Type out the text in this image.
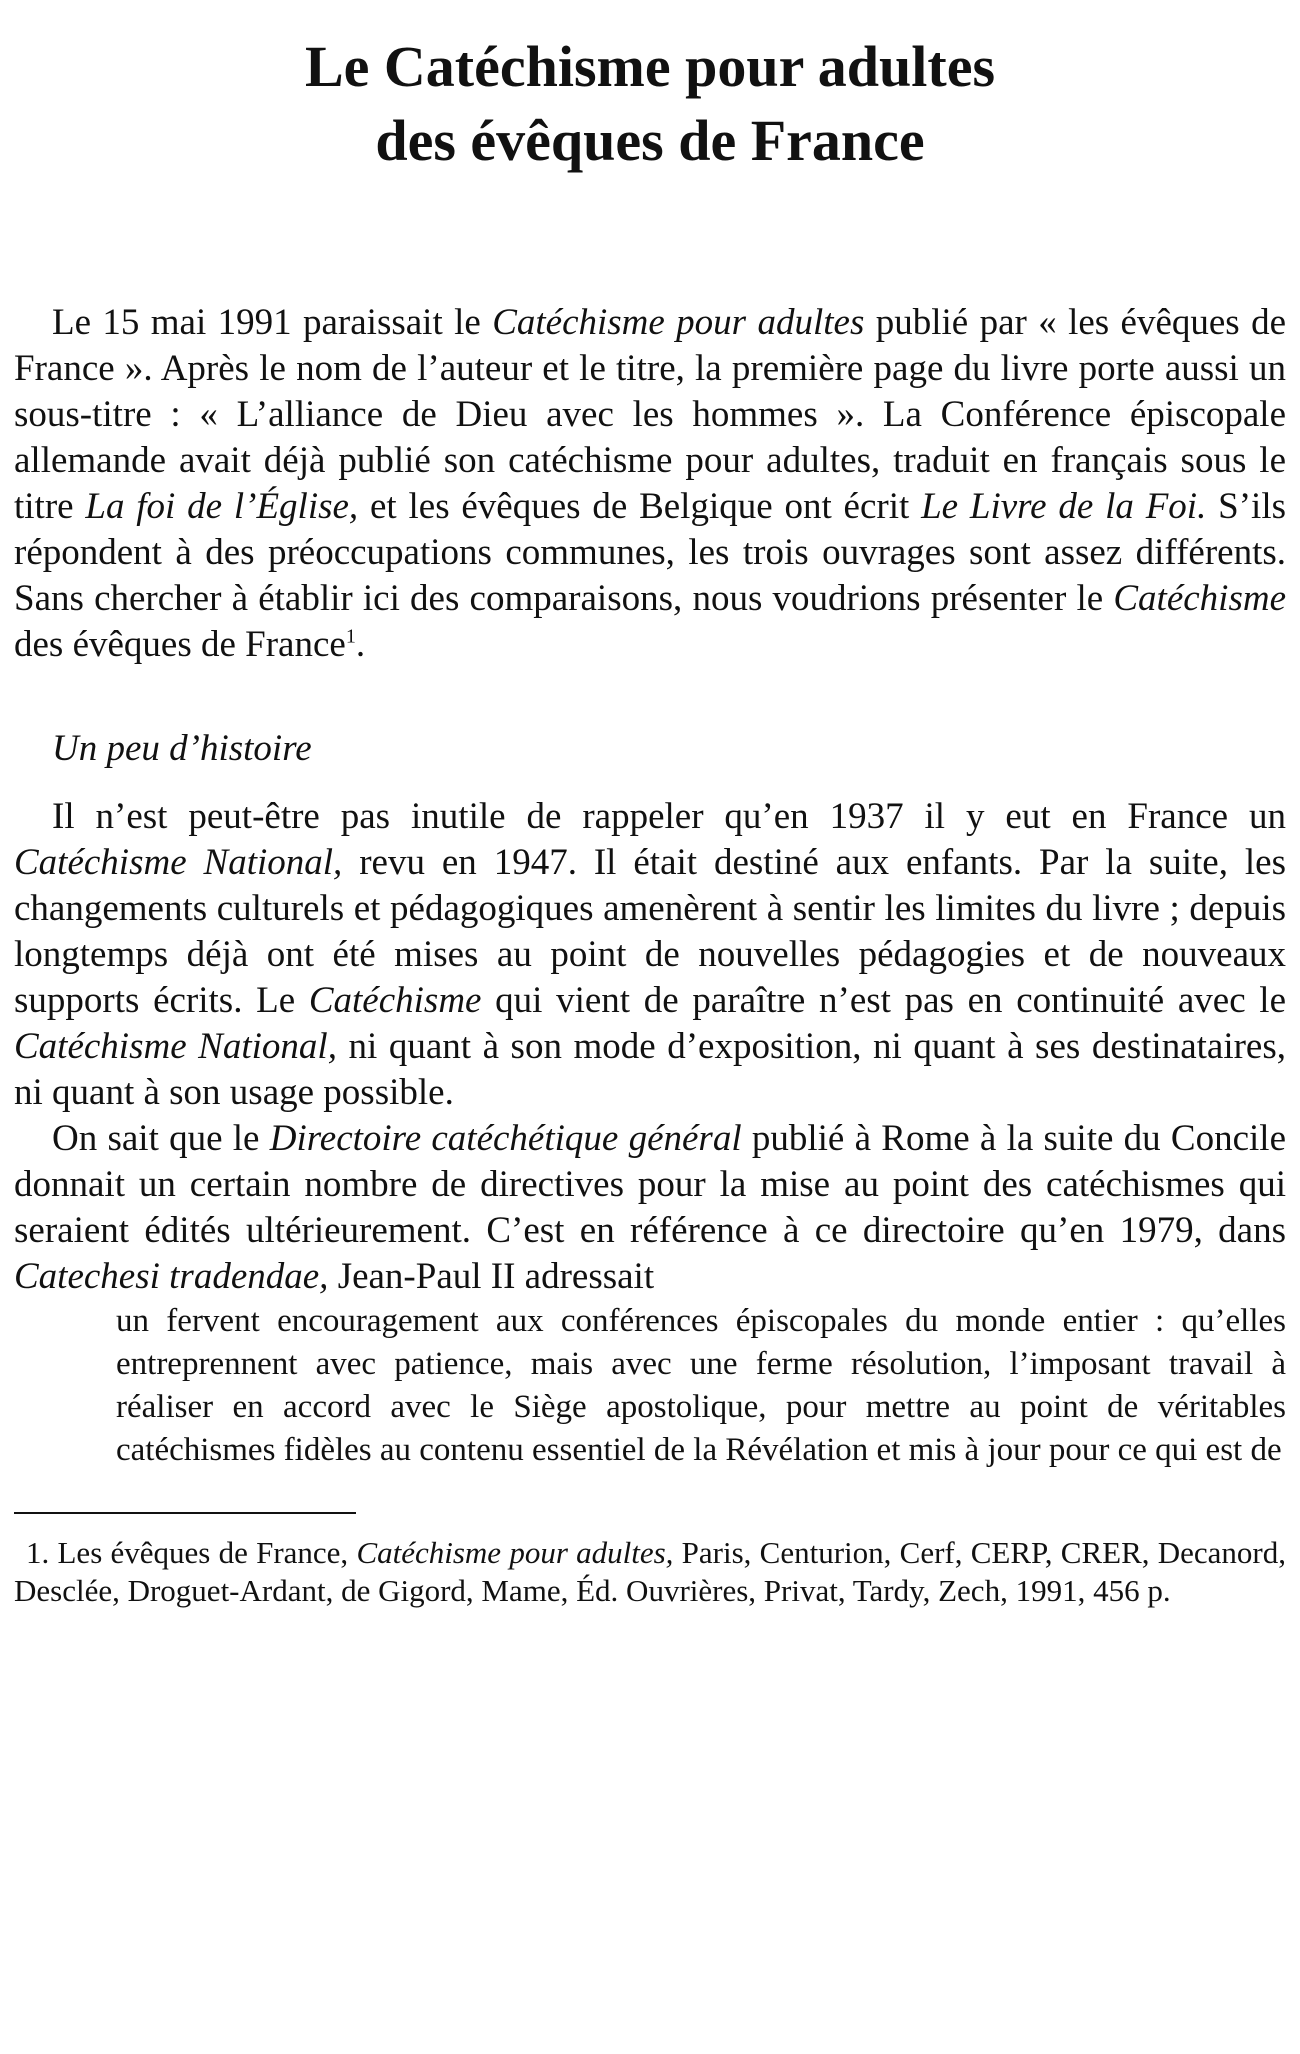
Le Catéchisme pour adultes
des évêques de France

Le 15 mai 1991 paraissait le Catéchisme pour adultes publié par « les évêques de France ». Après le nom de l’auteur et le titre, la première page du livre porte aussi un sous-titre : « L’alliance de Dieu avec les hommes ». La Conférence épiscopale allemande avait déjà publié son catéchisme pour adultes, traduit en français sous le titre La foi de l’Église, et les évêques de Belgique ont écrit Le Livre de la Foi. S’ils répondent à des préoccupations communes, les trois ouvrages sont assez différents. Sans chercher à établir ici des comparaisons, nous voudrions présenter le Catéchisme des évêques de France$^1$.

Un peu d’histoire

Il n’est peut-être pas inutile de rappeler qu’en 1937 il y eut en France un Catéchisme National, revu en 1947. Il était destiné aux enfants. Par la suite, les changements culturels et pédagogiques amenèrent à sentir les limites du livre ; depuis longtemps déjà ont été mises au point de nouvelles pédagogies et de nouveaux supports écrits. Le Catéchisme qui vient de paraître n’est pas en continuité avec le Catéchisme National, ni quant à son mode d’exposition, ni quant à ses destinataires, ni quant à son usage possible.

On sait que le Directoire catéchétique général publié à Rome à la suite du Concile donnait un certain nombre de directives pour la mise au point des catéchismes qui seraient édités ultérieurement. C’est en référence à ce directoire qu’en 1979, dans Catechesi tradendae, Jean-Paul II adressait

un fervent encouragement aux conférences épiscopales du monde entier : qu’elles entreprennent avec patience, mais avec une ferme résolution, l’imposant travail à réaliser en accord avec le Siège apostolique, pour mettre au point de véritables catéchismes fidèles au contenu essentiel de la Révélation et mis à jour pour ce qui est de

1. Les évêques de France, Catéchisme pour adultes, Paris, Centurion, Cerf, CERP, CRER, Decanord, Desclée, Droguet-Ardant, de Gigord, Mame, Éd. Ouvrières, Privat, Tardy, Zech, 1991, 456 p.
